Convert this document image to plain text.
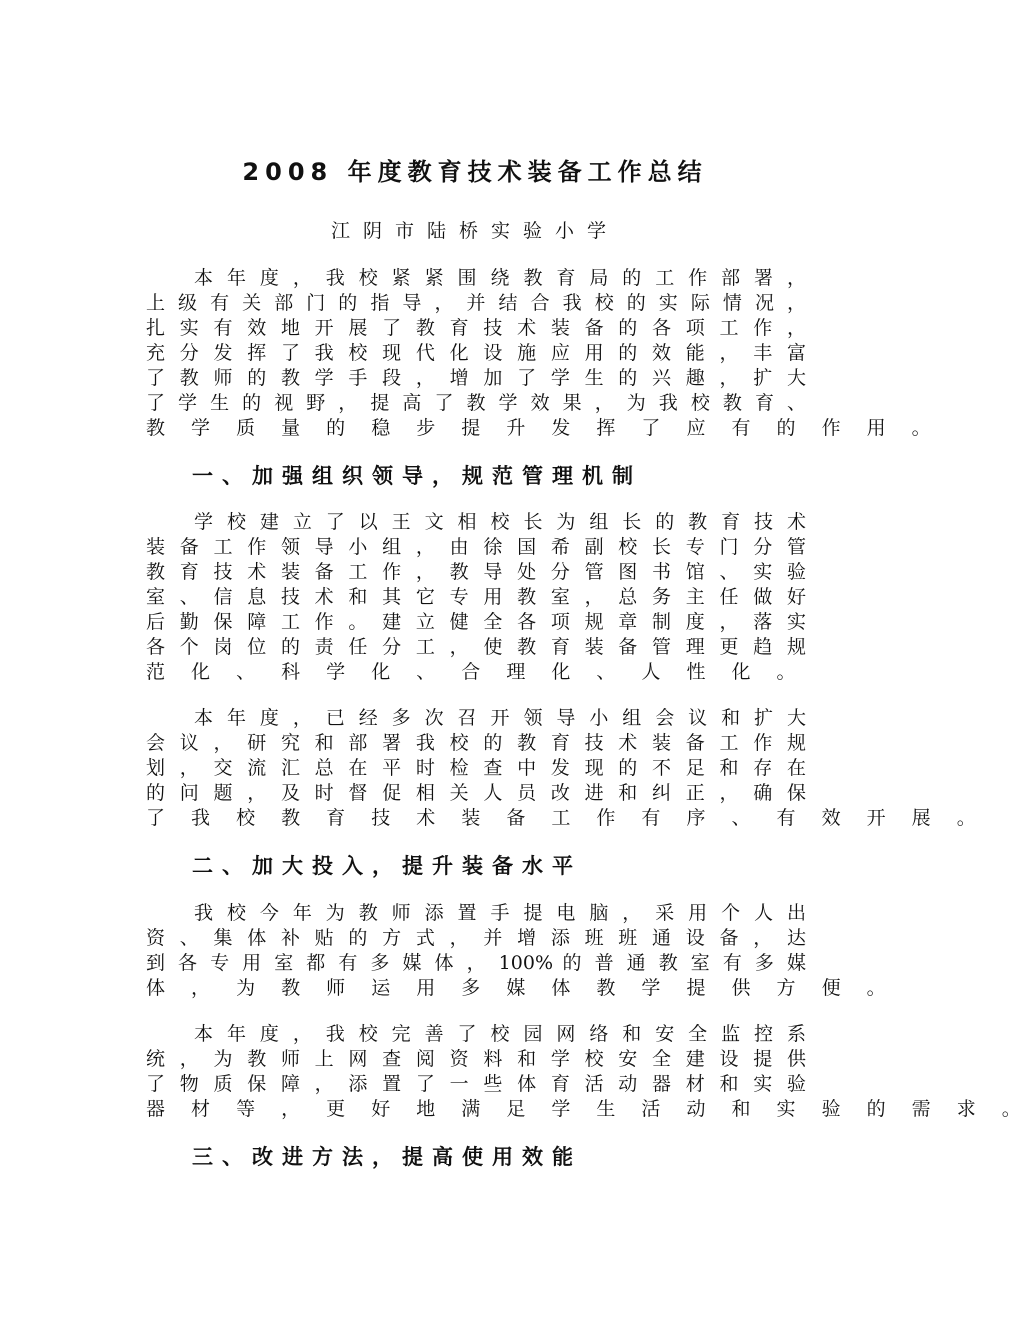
2008 年度教育技术装备工作总结
江阴市陆桥实验小学
本 年 度 ， 我 校 紧 紧 围 绕 教 育 局 的 工 作 部 署 ，
上 级 有 关 部 门 的 指 导 ， 并 结 合 我 校 的 实 际 情 况 ，
扎 实 有 效 地 开 展 了 教 育 技 术 装 备 的 各 项 工 作 ，
充 分 发 挥 了 我 校 现 代 化 设 施 应 用 的 效 能 ， 丰 富
了 教 师 的 教 学 手 段 ， 增 加 了 学 生 的 兴 趣 ， 扩 大
了 学 生 的 视 野 ， 提 高 了 教 学 效 果 ， 为 我 校 教 育 、
教 学 质 量 的 稳 步 提 升 发 挥 了 应 有 的 作 用 。
一、加强组织领导，规范管理机制
学 校 建 立 了 以 王 文 相 校 长 为 组 长 的 教 育 技 术
装 备 工 作 领 导 小 组 ， 由 徐 国 希 副 校 长 专 门 分 管
教 育 技 术 装 备 工 作 ， 教 导 处 分 管 图 书 馆 、 实 验
室 、 信 息 技 术 和 其 它 专 用 教 室 ， 总 务 主 任 做 好
后 勤 保 障 工 作 。 建 立 健 全 各 项 规 章 制 度 ， 落 实
各 个 岗 位 的 责 任 分 工 ， 使 教 育 装 备 管 理 更 趋 规
范 化 、 科 学 化 、 合 理 化 、 人 性 化 。
本 年 度 ， 已 经 多 次 召 开 领 导 小 组 会 议 和 扩 大
会 议 ， 研 究 和 部 署 我 校 的 教 育 技 术 装 备 工 作 规
划 ， 交 流 汇 总 在 平 时 检 查 中 发 现 的 不 足 和 存 在
的 问 题 ， 及 时 督 促 相 关 人 员 改 进 和 纠 正 ， 确 保
了 我 校 教 育 技 术 装 备 工 作 有 序 、 有 效 开 展 。
二、加大投入，提升装备水平
我 校 今 年 为 教 师 添 置 手 提 电 脑 ， 采 用 个 人 出
资 、 集 体 补 贴 的 方 式 ， 并 增 添 班 班 通 设 备 ， 达
到 各 专 用 室 都 有 多 媒 体 ， 100% 的 普 通 教 室 有 多 媒
体 ， 为 教 师 运 用 多 媒 体 教 学 提 供 方 便 。
本 年 度 ， 我 校 完 善 了 校 园 网 络 和 安 全 监 控 系
统 ， 为 教 师 上 网 查 阅 资 料 和 学 校 安 全 建 设 提 供
了 物 质 保 障 ， 添 置 了 一 些 体 育 活 动 器 材 和 实 验
器 材 等 ， 更 好 地 满 足 学 生 活 动 和 实 验 的 需 求 。
三、改进方法，提高使用效能
